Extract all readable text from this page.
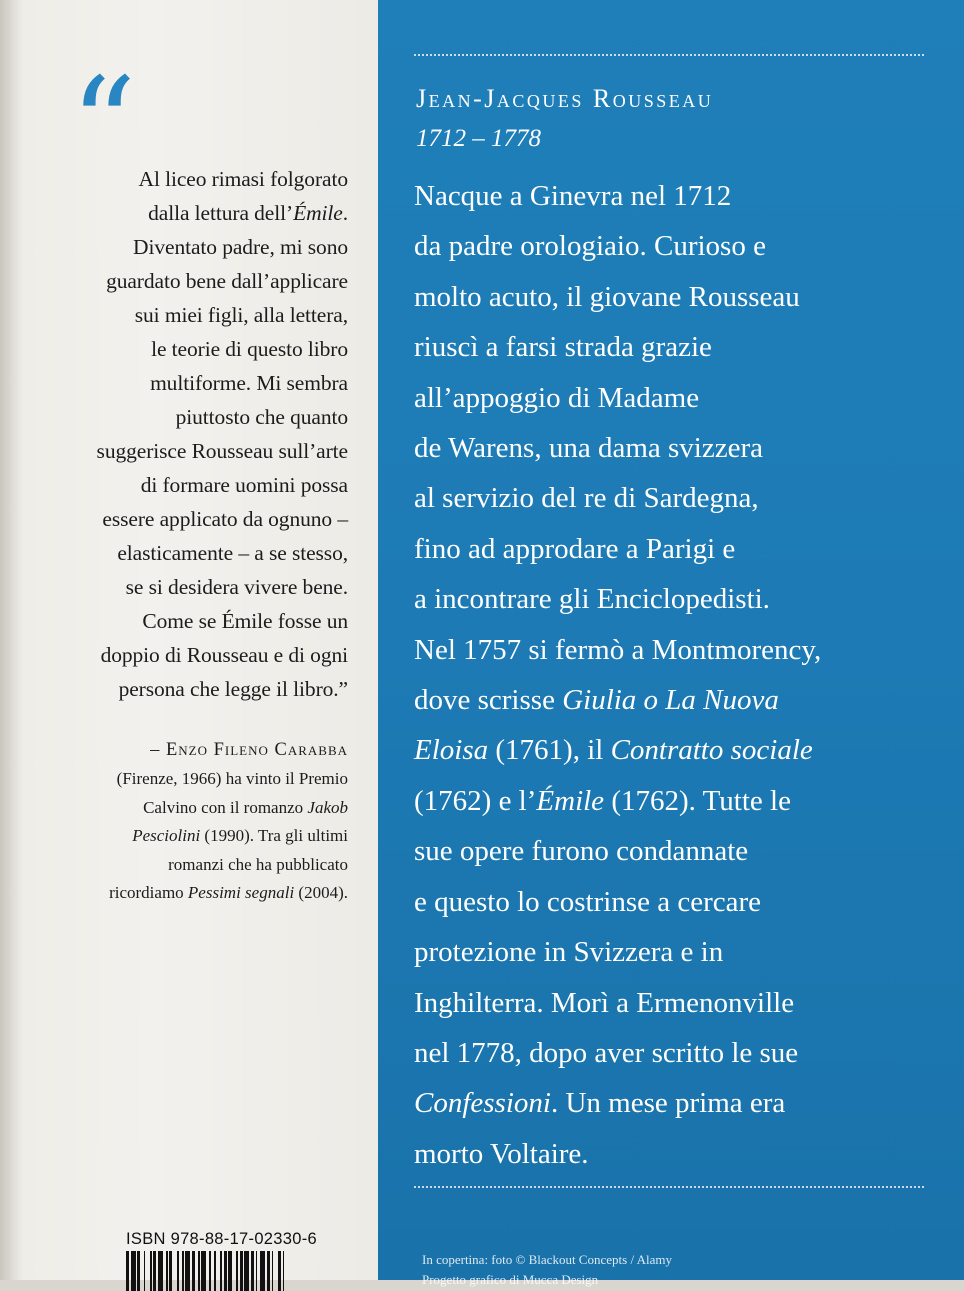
“ Al liceo rimasi folgorato
dalla lettura dell’Émile.
Diventato padre, mi sono
guardato bene dall’applicare
sui miei figli, alla lettera,
le teorie di questo libro
multiforme. Mi sembra
piuttosto che quanto
suggerisce Rousseau sull’arte
di formare uomini possa
essere applicato da ognuno –
elasticamente – a se stesso,
se si desidera vivere bene.
Come se Émile fosse un
doppio di Rousseau e di ogni
persona che legge il libro.”
– Enzo Fileno Carabba
(Firenze, 1966) ha vinto il Premio
Calvino con il romanzo Jakob
Pesciolini (1990). Tra gli ultimi
romanzi che ha pubblicato
ricordiamo Pessimi segnali (2004).
ISBN 978-88-17-02330-6
Jean-Jacques Rousseau
1712 – 1778
Nacque a Ginevra nel 1712
da padre orologiaio. Curioso e
molto acuto, il giovane Rousseau
riuscì a farsi strada grazie
all’appoggio di Madame
de Warens, una dama svizzera
al servizio del re di Sardegna,
fino ad approdare a Parigi e
a incontrare gli Enciclopedisti.
Nel 1757 si fermò a Montmorency,
dove scrisse Giulia o La Nuova
Eloisa (1761), il Contratto sociale
(1762) e l’Émile (1762). Tutte le
sue opere furono condannate
e questo lo costrinse a cercare
protezione in Svizzera e in
Inghilterra. Morì a Ermenonville
nel 1778, dopo aver scritto le sue
Confessioni. Un mese prima era
morto Voltaire.
In copertina: foto © Blackout Concepts / Alamy
Progetto grafico di Mucca Design
